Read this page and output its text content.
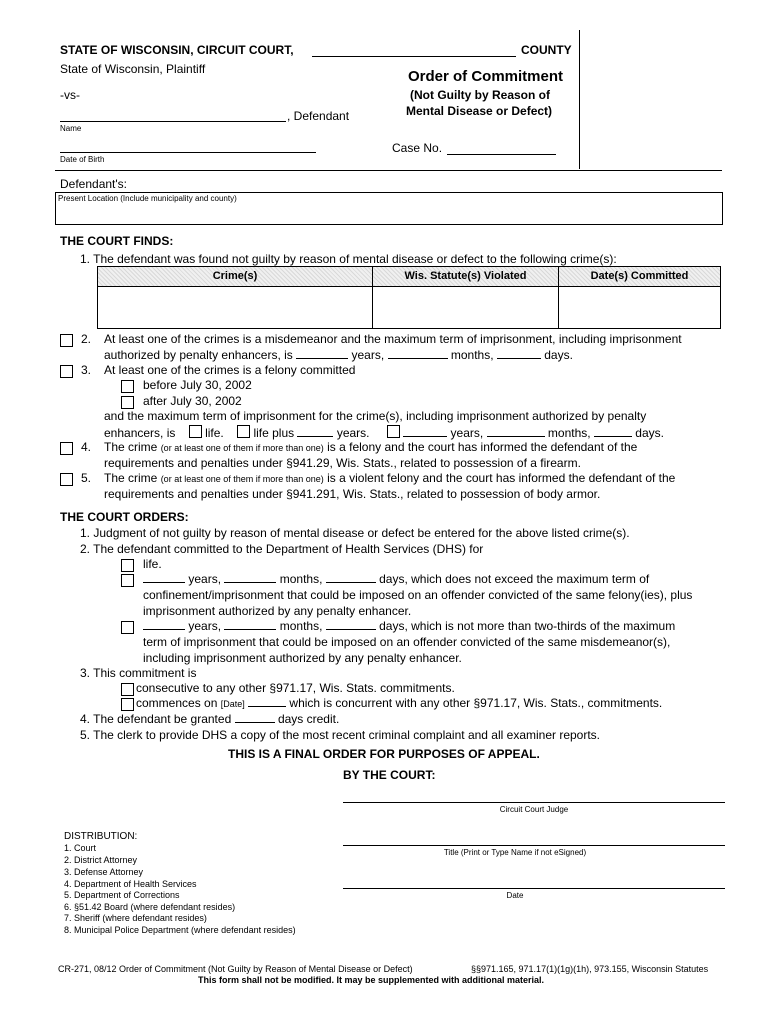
STATE OF WISCONSIN, CIRCUIT COURT,	COUNTY
State of Wisconsin, Plaintiff
-vs-
, Defendant
Name
Date of Birth
Order of Commitment
(Not Guilty by Reason of
Mental Disease or Defect)
Case No.
Defendant's:
Present Location (Include municipality and county)
THE COURT FINDS:
1. The defendant was found not guilty by reason of mental disease or defect to the following crime(s):
Crime(s)	Wis. Statute(s) Violated	Date(s) Committed
2. At least one of the crimes is a misdemeanor and the maximum term of imprisonment, including imprisonment
authorized by penalty enhancers, is	years,	months,	days.
3. At least one of the crimes is a felony committed
before July 30, 2002
after July 30, 2002
and the maximum term of imprisonment for the crime(s), including imprisonment authorized by penalty
enhancers, is life. life plus	years.	years,	months,	days.
4. The crime (or at least one of them if more than one) is a felony and the court has informed the defendant of the
requirements and penalties under §941.29, Wis. Stats., related to possession of a firearm.
5. The crime (or at least one of them if more than one) is a violent felony and the court has informed the defendant of the
requirements and penalties under §941.291, Wis. Stats., related to possession of body armor.
THE COURT ORDERS:
1. Judgment of not guilty by reason of mental disease or defect be entered for the above listed crime(s).
2. The defendant committed to the Department of Health Services (DHS) for
life.
years,	months,	days, which does not exceed the maximum term of
confinement/imprisonment that could be imposed on an offender convicted of the same felony(ies), plus
imprisonment authorized by any penalty enhancer.
years,	months,	days, which is not more than two-thirds of the maximum
term of imprisonment that could be imposed on an offender convicted of the same misdemeanor(s),
including imprisonment authorized by any penalty enhancer.
3. This commitment is
consecutive to any other §971.17, Wis. Stats. commitments.
commences on [Date]	which is concurrent with any other §971.17, Wis. Stats., commitments.
4. The defendant be granted	days credit.
5. The clerk to provide DHS a copy of the most recent criminal complaint and all examiner reports.
THIS IS A FINAL ORDER FOR PURPOSES OF APPEAL.
BY THE COURT:
Circuit Court Judge
Title (Print or Type Name if not eSigned)
Date
DISTRIBUTION:
1. Court
2. District Attorney
3. Defense Attorney
4. Department of Health Services
5. Department of Corrections
6. §51.42 Board (where defendant resides)
7. Sheriff (where defendant resides)
8. Municipal Police Department (where defendant resides)
CR-271, 08/12 Order of Commitment (Not Guilty by Reason of Mental Disease or Defect)	§§971.165, 971.17(1)(1g)(1h), 973.155, Wisconsin Statutes
This form shall not be modified. It may be supplemented with additional material.
